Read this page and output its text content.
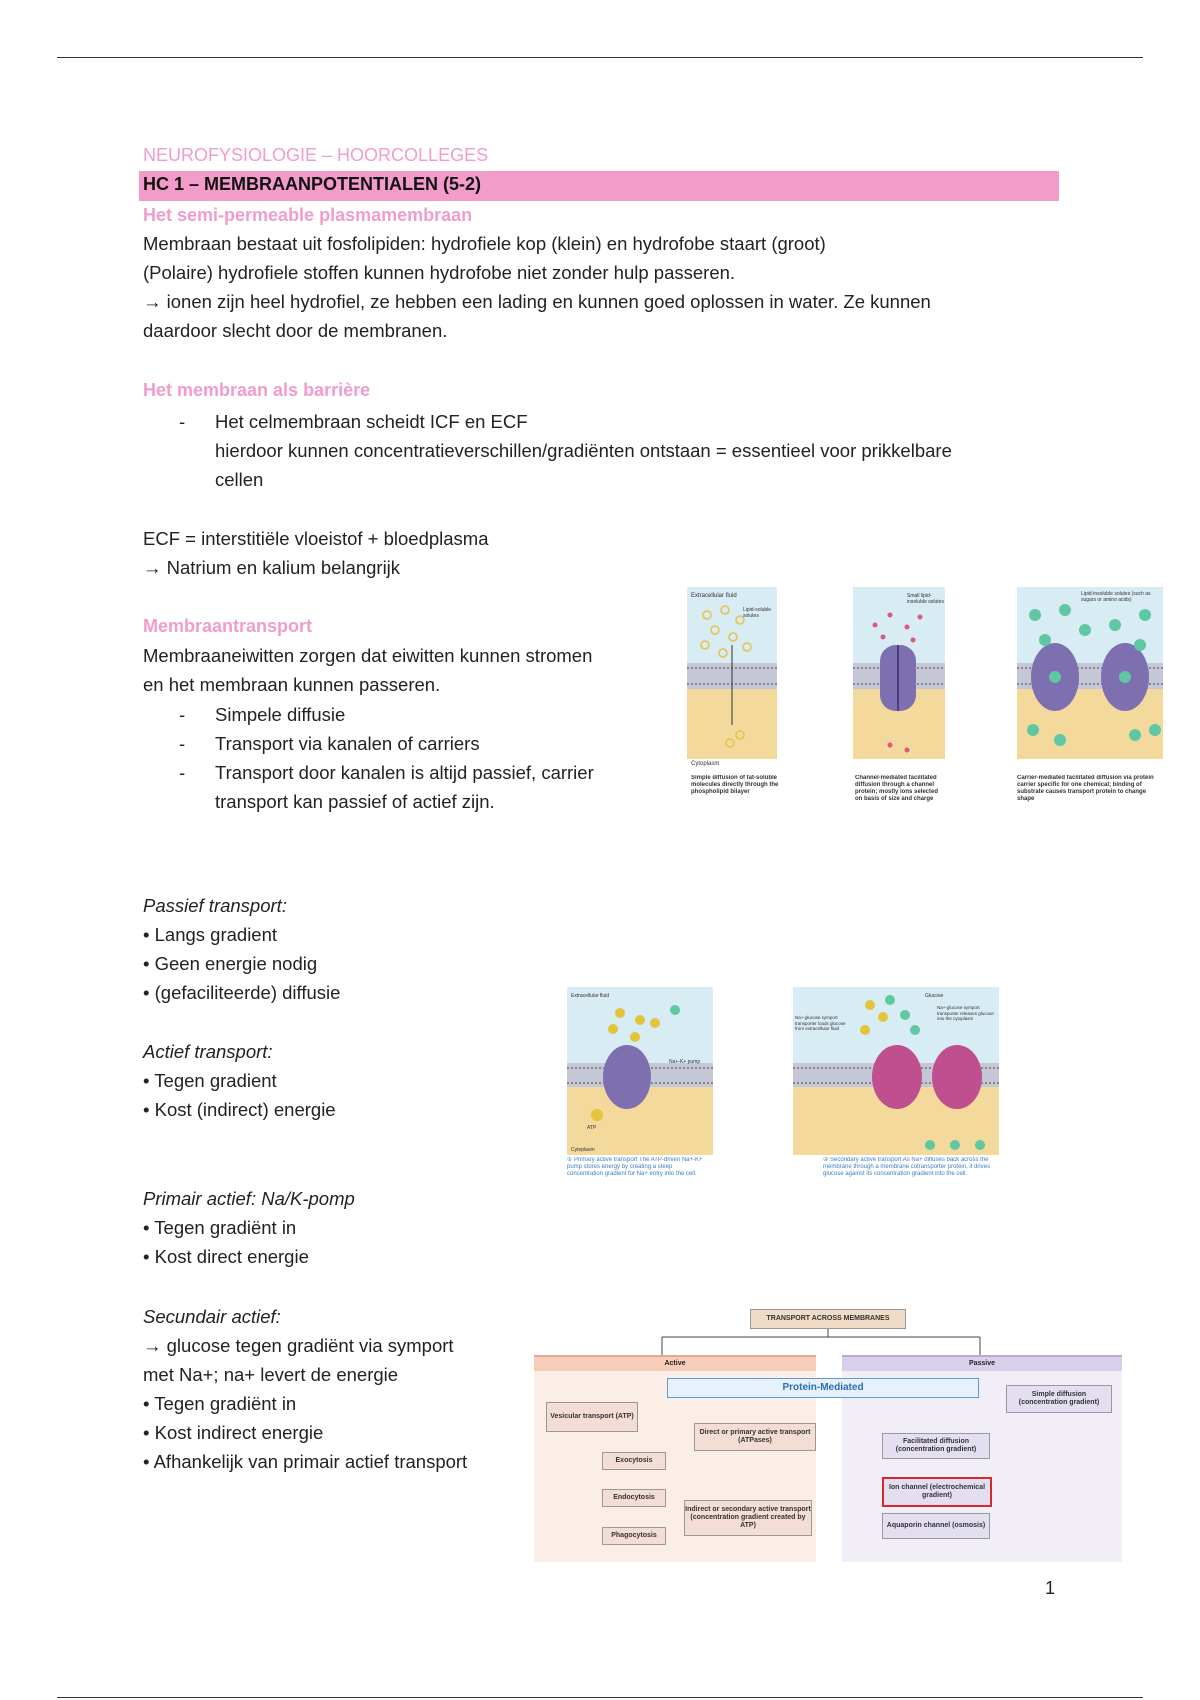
NEUROFYSIOLOGIE – HOORCOLLEGES
HC 1 – MEMBRAANPOTENTIALEN (5-2)
Het semi-permeable plasmamembraan
Membraan bestaat uit fosfolipiden: hydrofiele kop (klein) en hydrofobe staart (groot)
(Polaire) hydrofiele stoffen kunnen hydrofobe niet zonder hulp passeren.
→ ionen zijn heel hydrofiel, ze hebben een lading en kunnen goed oplossen in water. Ze kunnen
daardoor slecht door de membranen.
Het membraan als barrière
- Het celmembraan scheidt ICF en ECF
hierdoor kunnen concentratieverschillen/gradiënten ontstaan = essentieel voor prikkelbare
cellen
ECF = interstitiële vloeistof + bloedplasma
→ Natrium en kalium belangrijk
Membraantransport
Membraaneiwitten zorgen dat eiwitten kunnen stromen
en het membraan kunnen passeren.
- Simpele diffusie
- Transport via kanalen of carriers
- Transport door kanalen is altijd passief, carrier
transport kan passief of actief zijn.
Extracellular fluid
Cytoplasm
Lipid-soluble solutes
Small lipid-insoluble solutes
Lipid-insoluble solutes (such as sugars or amino acids)
Simple diffusion of fat-soluble molecules directly through the phospholipid bilayer
Channel-mediated facilitated diffusion through a channel protein; mostly ions selected on basis of size and charge
Carrier-mediated facilitated diffusion via protein carrier specific for one chemical; binding of substrate causes transport protein to change shape
Passief transport:
• Langs gradient
• Geen energie nodig
• (gefaciliteerde) diffusie
Actief transport:
• Tegen gradient
• Kost (indirect) energie
Extracellular fluid
Cytoplasm
Na+-K+ pump
ATP
Glucose
Na+-glucose symport transporter loads glucose from extracellular fluid
Na+-glucose symport transporter releases glucose into the cytoplasm
① Primary active transport The ATP-driven Na+-K+ pump stores energy by creating a steep concentration gradient for Na+ entry into the cell.
② Secondary active transport As Na+ diffuses back across the membrane through a membrane cotransporter protein, it drives glucose against its concentration gradient into the cell.
Primair actief: Na/K-pomp
• Tegen gradiënt in
• Kost direct energie
Secundair actief:
→ glucose tegen gradiënt via symport
met Na+; na+ levert de energie
• Tegen gradiënt in
• Kost indirect energie
• Afhankelijk van primair actief transport
TRANSPORT ACROSS MEMBRANES
Active	Passive
Protein-Mediated
Vesicular transport (ATP)
Exocytosis
Endocytosis
Phagocytosis
Direct or primary active transport (ATPases)
Indirect or secondary active transport (concentration gradient created by ATP)
Facilitated diffusion (concentration gradient)
Ion channel (electrochemical gradient)
Aquaporin channel (osmosis)
Simple diffusion (concentration gradient)
1
